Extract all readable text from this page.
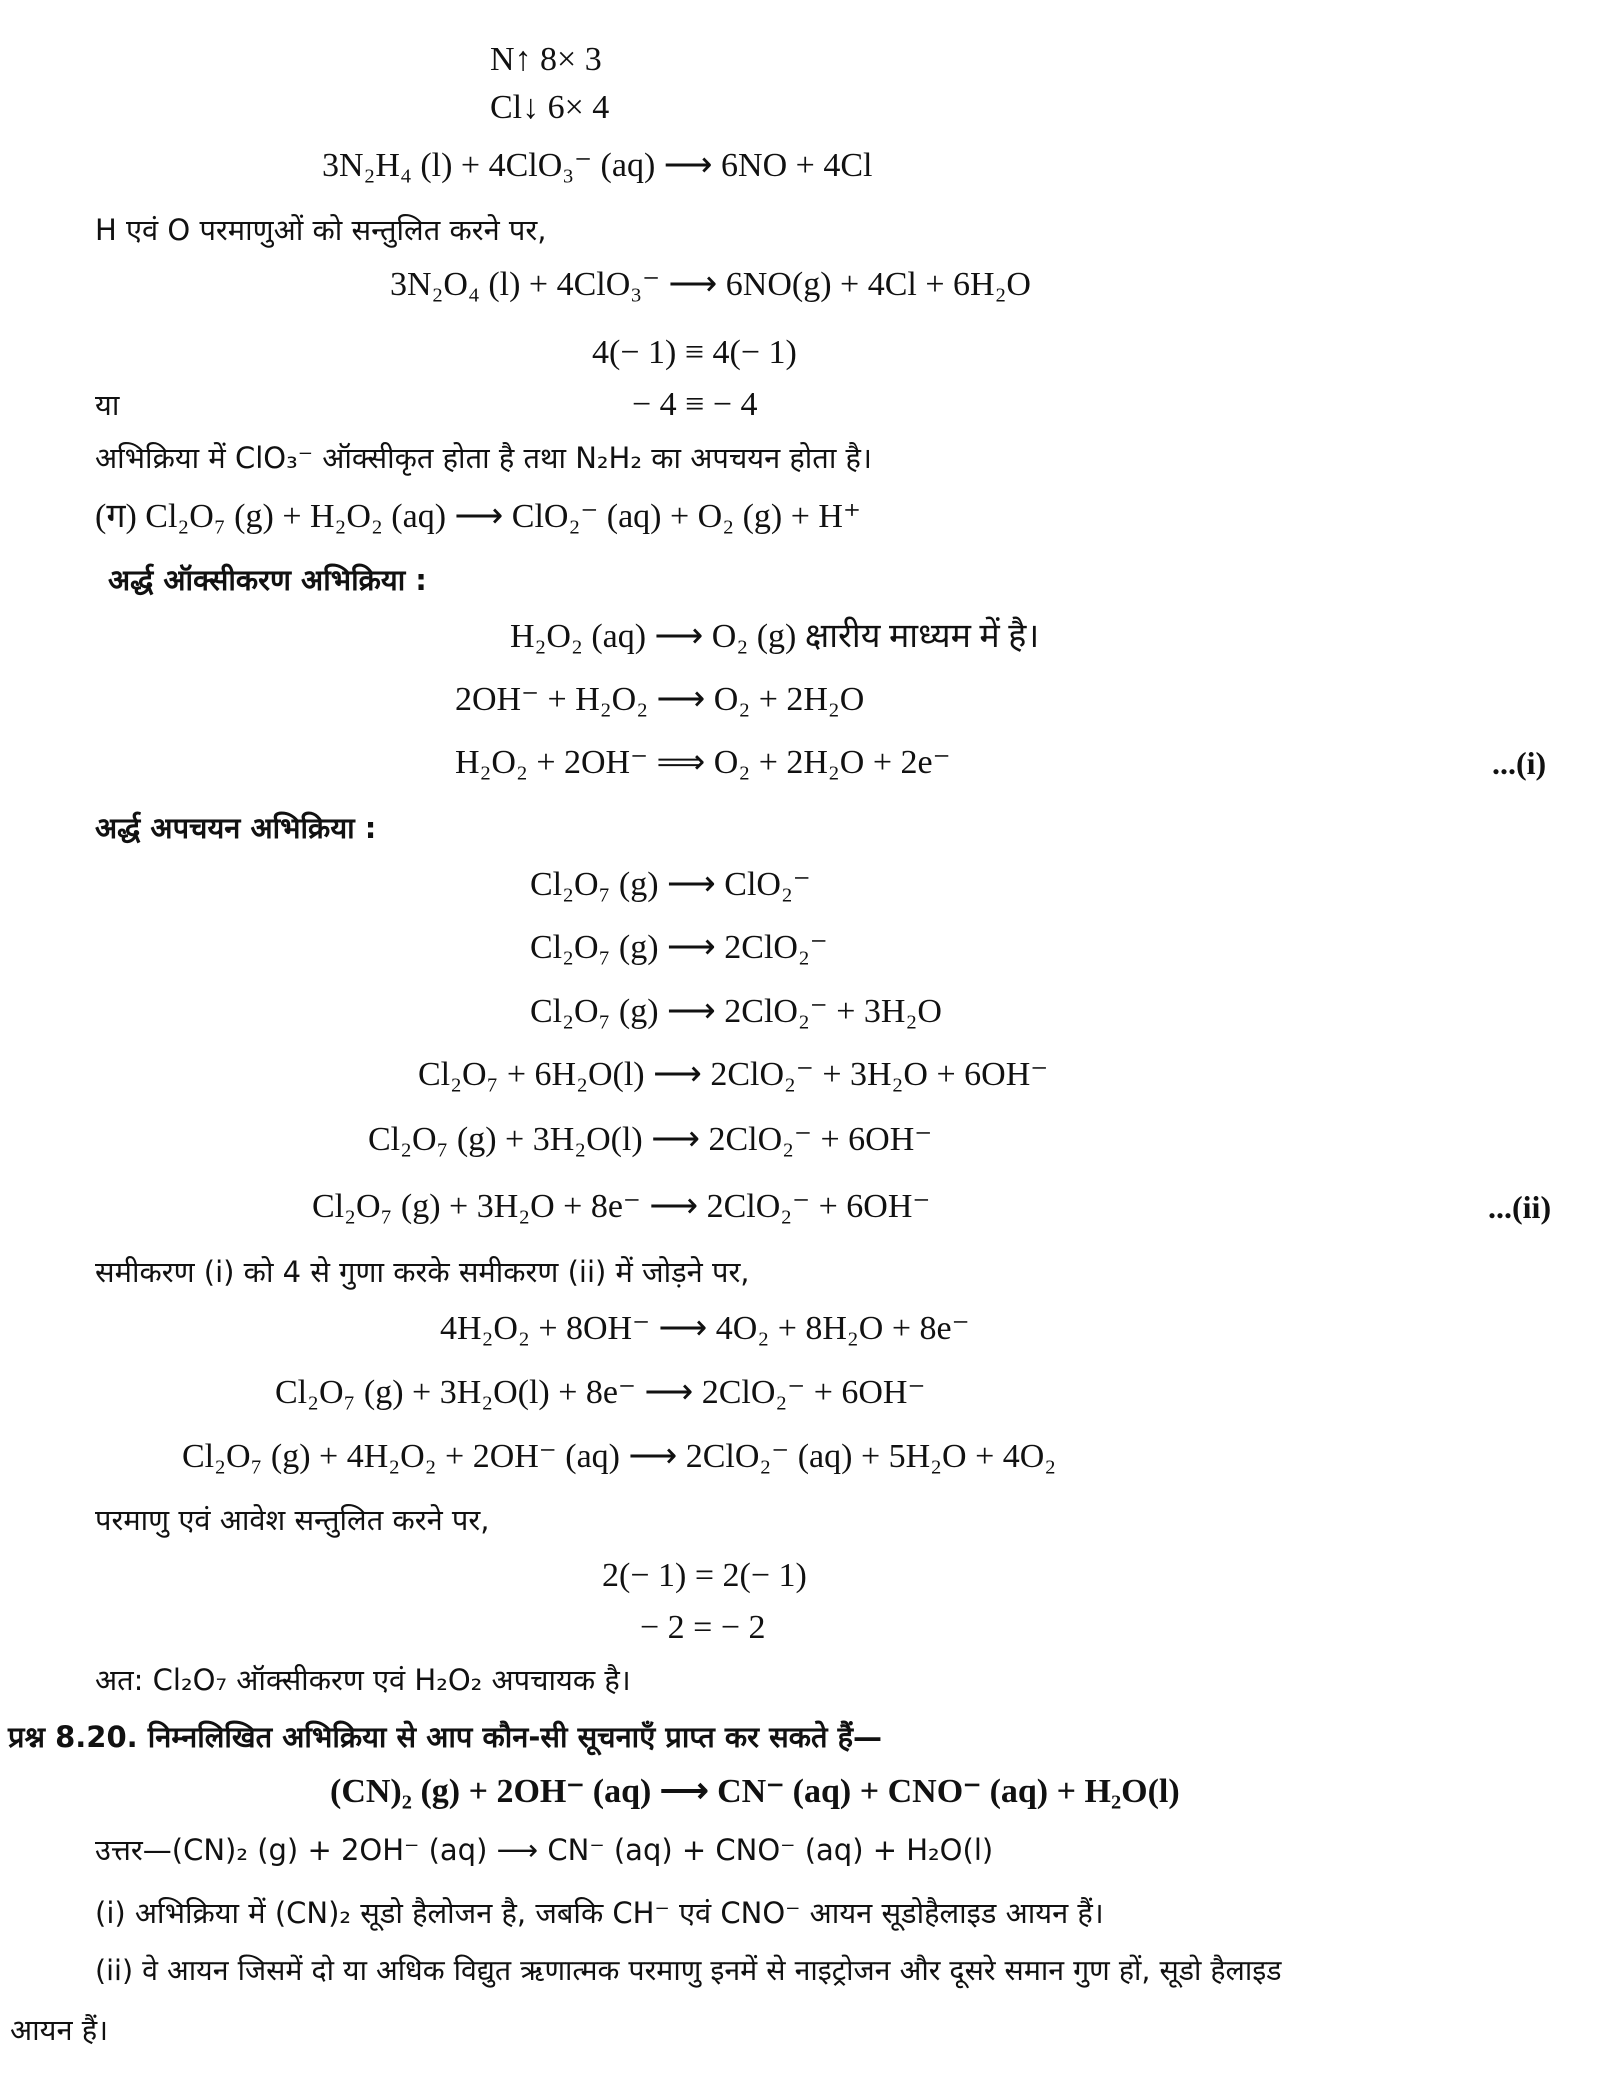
N↑ 8× 3
Cl↓ 6× 4
3N₂H₄ (l) + 4ClO₃⁻ (aq) ⟶ 6NO + 4Cl
H एवं O परमाणुओं को सन्तुलित करने पर,
3N₂O₄ (l) + 4ClO₃⁻ ⟶ 6NO(g) + 4Cl + 6H₂O
4(− 1) ≡ 4(− 1)
या	− 4 ≡ − 4
अभिक्रिया में ClO₃⁻ ऑक्सीकृत होता है तथा N₂H₂ का अपचयन होता है।
(ग) Cl₂O₇ (g) + H₂O₂ (aq) ⟶ ClO₂⁻ (aq) + O₂ (g) + H⁺
अर्द्ध ऑक्सीकरण अभिक्रिया :
H₂O₂ (aq) ⟶ O₂ (g) क्षारीय माध्यम में है।
2OH⁻ + H₂O₂ ⟶ O₂ + 2H₂O
H₂O₂ + 2OH⁻ ⟹ O₂ + 2H₂O + 2e⁻	...(i)
अर्द्ध अपचयन अभिक्रिया :
Cl₂O₇ (g) ⟶ ClO₂⁻
Cl₂O₇ (g) ⟶ 2ClO₂⁻
Cl₂O₇ (g) ⟶ 2ClO₂⁻ + 3H₂O
Cl₂O₇ + 6H₂O(l) ⟶ 2ClO₂⁻ + 3H₂O + 6OH⁻
Cl₂O₇ (g) + 3H₂O(l) ⟶ 2ClO₂⁻ + 6OH⁻
Cl₂O₇ (g) + 3H₂O + 8e⁻ ⟶ 2ClO₂⁻ + 6OH⁻	...(ii)
समीकरण (i) को 4 से गुणा करके समीकरण (ii) में जोड़ने पर,
4H₂O₂ + 8OH⁻ ⟶ 4O₂ + 8H₂O + 8e⁻
Cl₂O₇ (g) + 3H₂O(l) + 8e⁻ ⟶ 2ClO₂⁻ + 6OH⁻
Cl₂O₇ (g) + 4H₂O₂ + 2OH⁻ (aq) ⟶ 2ClO₂⁻ (aq) + 5H₂O + 4O₂
परमाणु एवं आवेश सन्तुलित करने पर,
2(− 1) = 2(− 1)
− 2 = − 2
अत: Cl₂O₇ ऑक्सीकरण एवं H₂O₂ अपचायक है।
प्रश्न 8.20. निम्नलिखित अभिक्रिया से आप कौन-सी सूचनाएँ प्राप्त कर सकते हैं—
(CN)₂ (g) + 2OH⁻ (aq) ⟶ CN⁻ (aq) + CNO⁻ (aq) + H₂O(l)
उत्तर—(CN)₂ (g) + 2OH⁻ (aq) ⟶ CN⁻ (aq) + CNO⁻ (aq) + H₂O(l)
(i) अभिक्रिया में (CN)₂ सूडो हैलोजन है, जबकि CH⁻ एवं CNO⁻ आयन सूडोहैलाइड आयन हैं।
(ii) वे आयन जिसमें दो या अधिक विद्युत ऋणात्मक परमाणु इनमें से नाइट्रोजन और दूसरे समान गुण हों, सूडो हैलाइड
आयन हैं।
